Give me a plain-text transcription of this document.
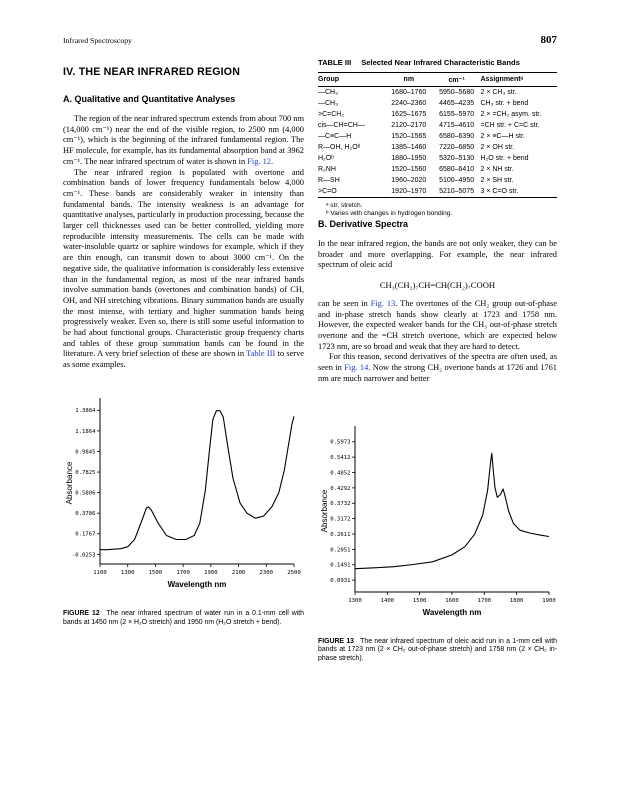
Infrared Spectroscopy	807
IV. THE NEAR INFRARED REGION
A. Qualitative and Quantitative Analyses

The region of the near infrared spectrum extends from about 700 nm (14,000 cm⁻¹) near the end of the visible region, to 2500 nm (4,000 cm⁻¹), which is the beginning of the infrared fundamental region. The HF molecule, for example, has its fundamental absorption band at 3962 cm⁻¹. The near infrared spectrum of water is shown in Fig. 12.

The near infrared region is populated with overtone and combination bands of lower frequency fundamentals below 4,000 cm⁻¹. These bands are considerably weaker in intensity than fundamental bands. The intensity weakness is an advantage for quantitative analyses, particularly in production processing, because the larger cell thicknesses used can be better controlled, yielding more reproducible intensity measurements. The cells can be made with water-insoluble quartz or saphire windows for example, which if they are thin enough, can transmit down to about 3000 cm⁻¹. On the negative side, the qualitative information is considerably less extensive than in the fundamental region, as most of the near infrared bands involve summation bands (overtones and combination bands) of CH, OH, and NH stretching vibrations. Binary summation bands are usually the most intense, with tertiary and higher summation bands being progressively weaker. Even so, there is still some useful information to be had about functional groups. Characteristic group frequency charts and tables of these group summation bands can be found in the literature. A very brief selection of these are shown in Table III to serve as some examples.

1.3884
1.1864
0.9845
0.7825
0.5806
0.3786
0.1767
-0.0253
1100	1300	1500	1700	1900	2100	2300	2500
Wavelength nm
Absorbance
FIGURE 12 The near infrared spectrum of water run in a 0.1-mm cell with bands at 1450 nm (2 × H₂O stretch) and 1950 nm (H₂O stretch + bend).
TABLE III Selected Near Infrared Characteristic Bands
Group	nm	cm⁻¹	Assignmentᵃ
—CH₃	1680–1760	5950–5680	2 × CH₃ str.
—CH₃	2240–2360	4465–4235	CH₃ str. + bend
>C=CH₂	1625–1675	6155–5970	2 × =CH₂ asym. str.
cis—CH=CH—	2120–2170	4715–4610	=CH str. + C=C str.
—C≡C—H	1520–1565	6580–6390	2 × ≡C—H str.
R—OH, H₂Oᵇ	1385–1460	7220–6850	2 × OH str.
H₂Oᵇ	1880–1950	5320–5130	H₂O str. + bend
R₂NH	1520–1560	6580–6410	2 × NH str.
R—SH	1960–2020	5100–4950	2 × SH str.
>C=O	1920–1970	5210–5075	3 × C=O str.
ᵃ str, stretch.
ᵇ Varies with changes in hydrogen bonding.
B. Derivative Spectra

In the near infrared region, the bands are not only weaker, they can be broader and more overlapping. For example, the near infrared spectrum of oleic acid

CH₃(CH₂)₇CH=CH(CH₂)₇COOH

can be seen in Fig. 13. The overtones of the CH₂ group out-of-phase and in-phase stretch bands show clearly at 1723 and 1758 nm. However, the expected weaker bands for the CH₃ out-of-phase stretch overtone and the =CH stretch overtone, which are expected below 1723 nm, are so broad and weak that they are hard to detect.

For this reason, second derivatives of the spectra are often used, as seen in Fig. 14. Now the strong CH₂ overtone bands at 1726 and 1761 nm are much narrower and better

0.5973
0.5412
0.4852
0.4292
0.3732
0.3172
0.2611
0.2051
0.1491
0.0931
1300	1400	1500	1600	1700	1800	1900
Wavelength nm
Absorbance
FIGURE 13 The near infrared spectrum of oleic acid run in a 1-mm cell with bands at 1723 nm (2 × CH₂ out-of-phase stretch) and 1758 nm (2 × CH₂ in-phase stretch).
